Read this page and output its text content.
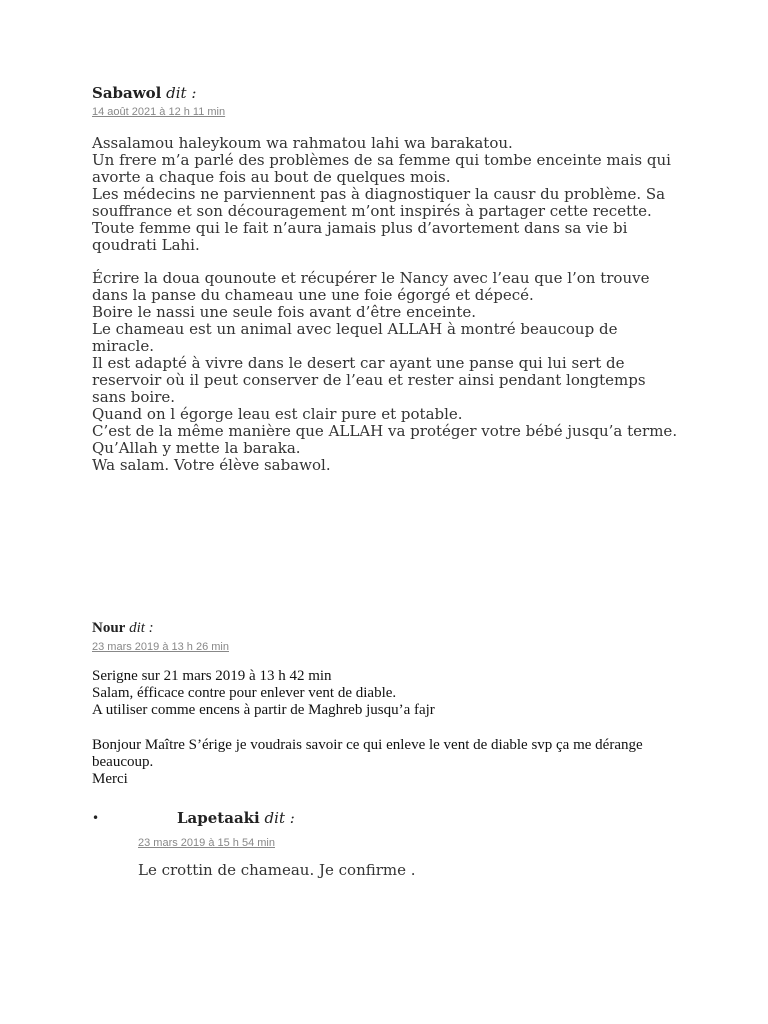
Sabawol dit :

14 août 2021 à 12 h 11 min

Assalamou haleykoum wa rahmatou lahi wa barakatou.
Un frere m’a parlé des problèmes de sa femme qui tombe enceinte mais qui avorte a chaque fois au bout de quelques mois.
Les médecins ne parviennent pas à diagnostiquer la causr du problème. Sa souffrance et son découragement m’ont inspirés à partager cette recette.
Toute femme qui le fait n’aura jamais plus d’avortement dans sa vie bi qoudrati Lahi.

Écrire la doua qounoute et récupérer le Nancy avec l’eau que l’on trouve dans la panse du chameau une une foie égorgé et dépecé.
Boire le nassi une seule fois avant d’être enceinte.
Le chameau est un animal avec lequel ALLAH à montré beaucoup de miracle.
Il est adapté à vivre dans le desert car ayant une panse qui lui sert de reservoir où il peut conserver de l’eau et rester ainsi pendant longtemps sans boire.
Quand on l égorge leau est clair pure et potable.
C’est de la même manière que ALLAH va protéger votre bébé jusqu’a terme.
Qu’Allah y mette la baraka.
Wa salam. Votre élève sabawol.

Nour dit :

23 mars 2019 à 13 h 26 min

Serigne sur 21 mars 2019 à 13 h 42 min
Salam, éfficace contre pour enlever vent de diable.
A utiliser comme encens à partir de Maghreb jusqu’a fajr

Bonjour Maître S’érige je voudrais savoir ce qui enleve le vent de diable svp ça me dérange beaucoup.
Merci

•	Lapetaaki dit :

23 mars 2019 à 15 h 54 min

Le crottin de chameau. Je confirme .
